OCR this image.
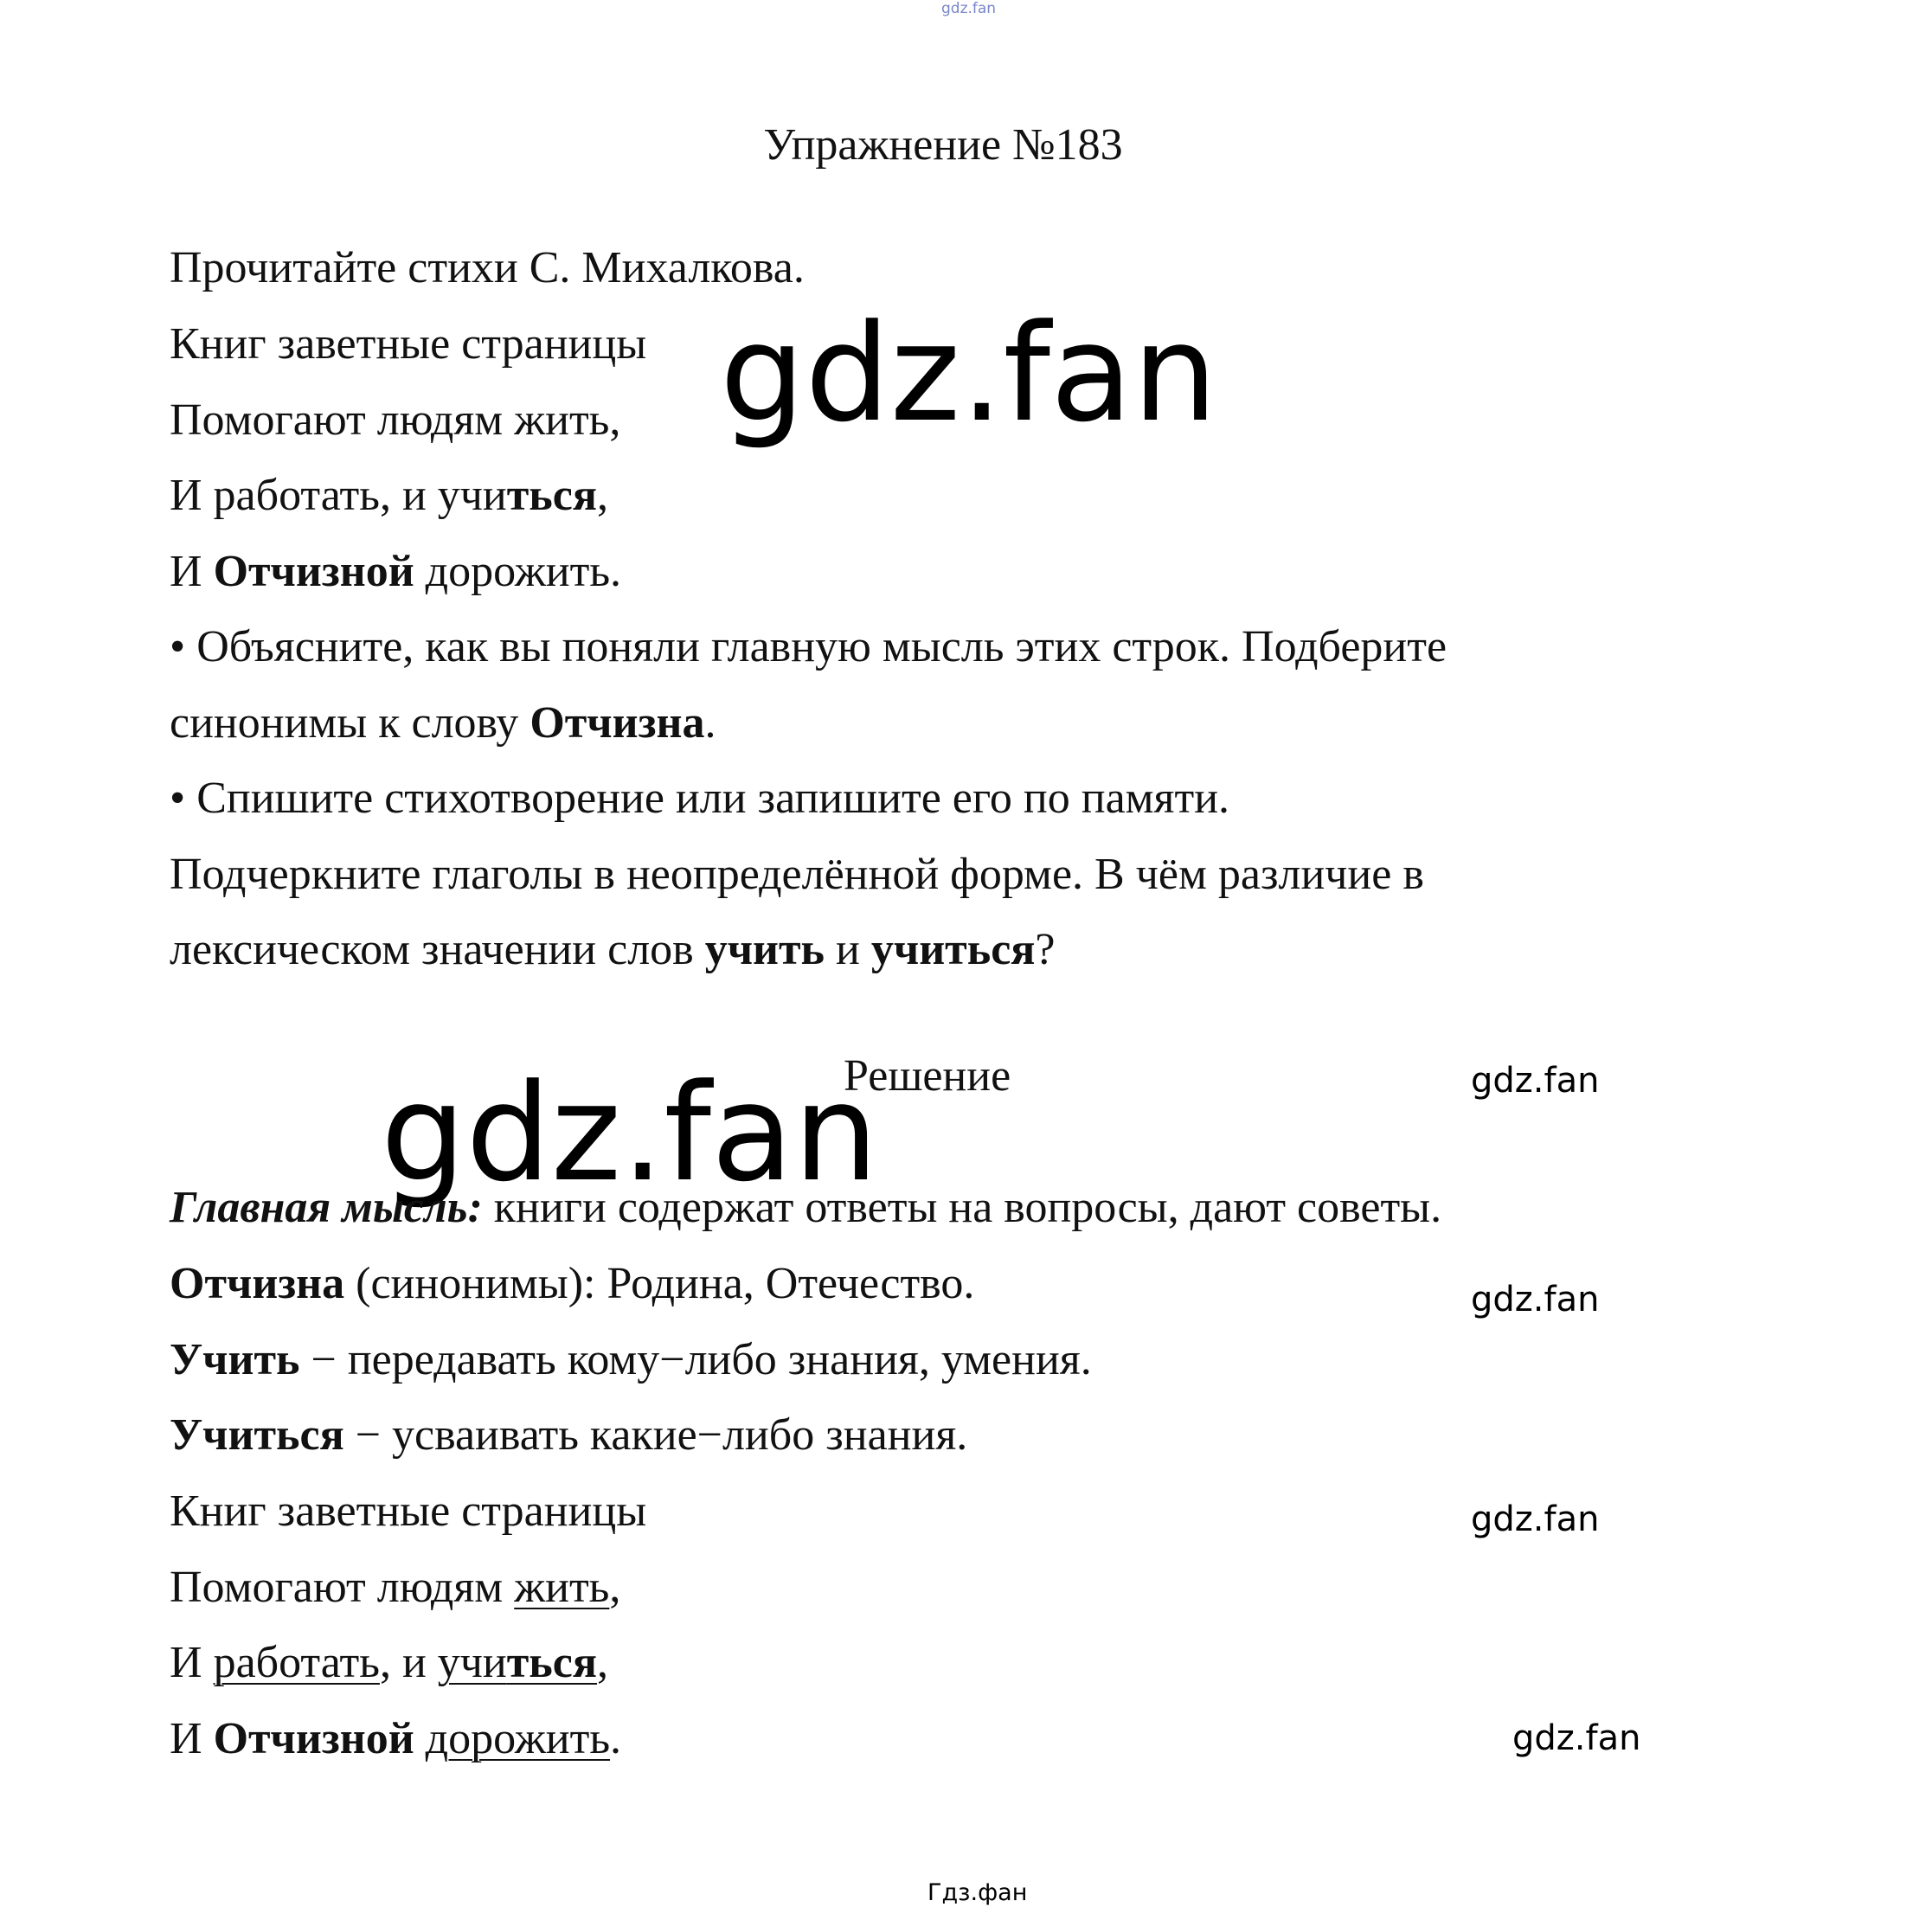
gdz.fan

Упражнение №183

Прочитайте стихи С. Михалкова.

Книг заветные страницы

Помогают людям жить,

И работать, и учиться,

И Отчизной дорожить.

• Объясните, как вы поняли главную мысль этих строк. Подберите

синонимы к слову Отчизна.

• Спишите стихотворение или запишите его по памяти.

Подчеркните глаголы в неопределённой форме. В чём различие в

лексическом значении слов учить и учиться?

gdz.fan
gdz.fan

Решение	gdz.fan
gdz.fan
gdz.fan
gdz.fan

Главная мысль: книги содержат ответы на вопросы, дают советы.

Отчизна (синонимы): Родина, Отечество.

Учить − передавать кому−либо знания, умения.

Учиться − усваивать какие−либо знания.

Книг заветные страницы

Помогают людям жить,

И работать, и учиться,

И Отчизной дорожить.

Гдз.фан
